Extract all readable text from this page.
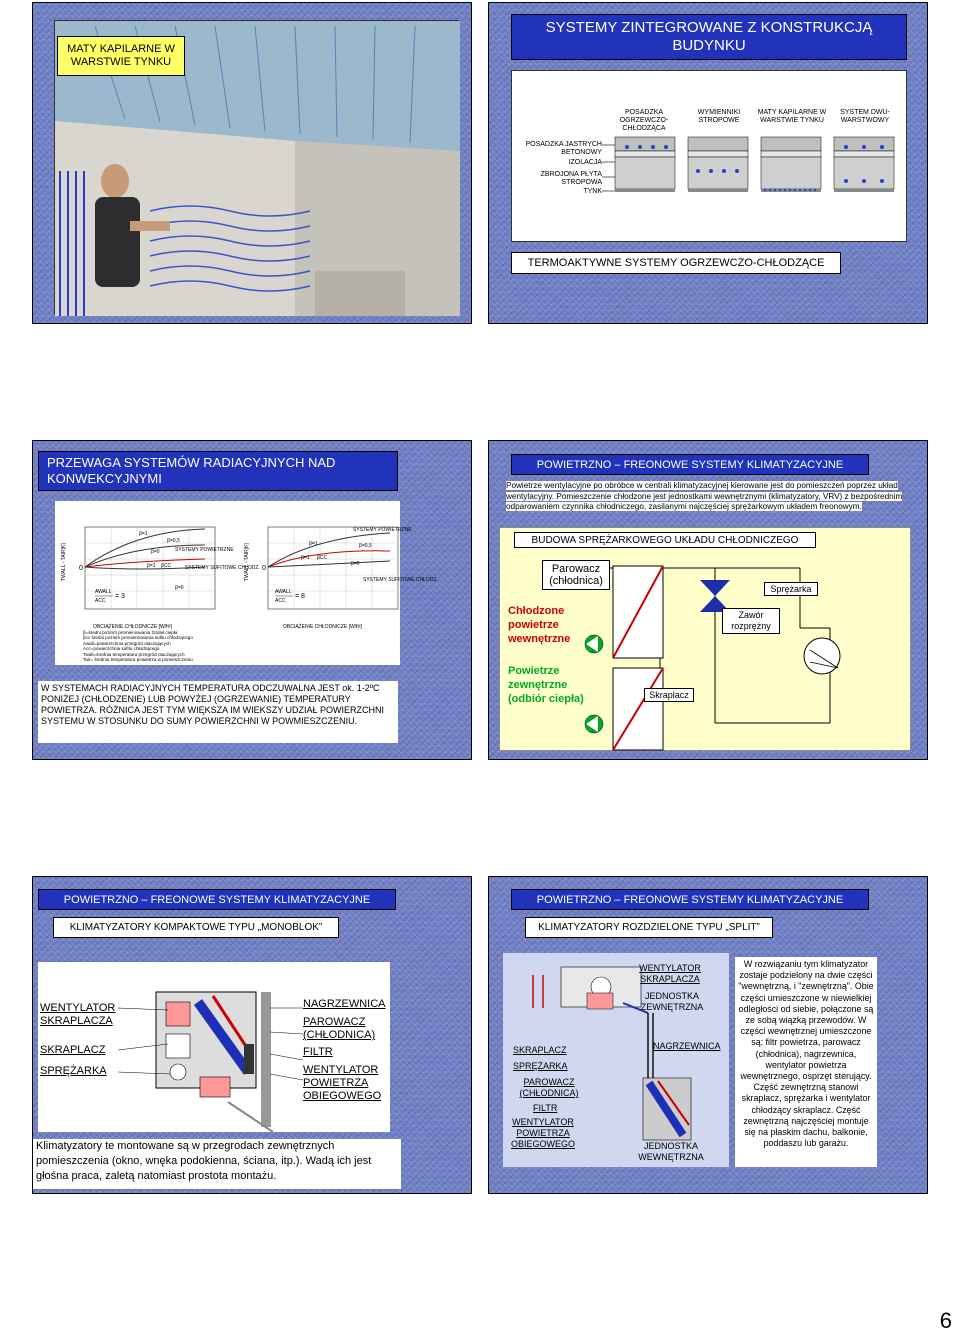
MATY KAPILARNE W WARSTWIE TYNKU
SYSTEMY ZINTEGROWANE Z KONSTRUKCJĄ BUDYNKU
POSADZKA OGRZEWCZO-CHŁODZĄCA
WYMIENNIKI STROPOWE
MATY KAPILARNE W WARSTWIE TYNKU
SYSTEM DWU-WARSTWOWY
POSADZKA JASTRYCH BETONOWY
IZOLACJA
ZBROJONA PŁYTA STROPOWA
TYNK
TERMOAKTYWNE SYSTEMY OGRZEWCZO-CHŁODZĄCE
PRZEWAGA SYSTEMÓW RADIACYJNYCH NAD KONWEKCYJNYMI
TWALL - TAIR[K] 0
OBCIĄŻENIE CHŁODNICZE [W/ft²]
β=1
β=0,5
β=0
β=1 βCC
β=0
SYSTEMY POWIETRZNE
SYSTEMY SUFITOWE CHŁODZ.
AWALL
ACC
= 3
TWALL - TAIR[K] 0
OBCIĄŻENIE CHŁODNICZE [W/ft²]
β=1
β=1 βCC
β=0,5
β=0
SYSTEMY POWIETRZNE
SYSTEMY SUFITOWE CHŁODZ.
AWALL
ACC
= 8
β=średni poziom promieniowania źródeł ciepła
βcc średni poziom promieniowania sufitu chłodzącego
Awall=powierzchnia przegród otaczających
Acc=powierzchnia sufitu chłodzącego
Twall=średnia temperatura przegród otaczających
Tair= średnia temperatura powietrza w pomieszczeniu
W SYSTEMACH RADIACYJNYCH TEMPERATURA ODCZUWALNA JEST ok. 1-2ºC PONIŻEJ (CHŁODZENIE) LUB POWYŻEJ (OGRZEWANIE) TEMPERATURY POWIETRZA. RÓŻNICA JEST TYM WIĘKSZA IM WIEKSZY UDZIAŁ POWIERZCHNI SYSTEMU W STOSUNKU DO SUMY POWIERZCHNI W POWMIESZCZENIU.
POWIETRZNO – FREONOWE SYSTEMY KLIMATYZACYJNE
Powietrze wentylacyjne po obróbce w centrali klimatyzacyjnej kierowane jest do pomieszczeń poprzez układ wentylacyjny. Pomieszczenie chłodzone jest jednostkami wewnętrznymi (klimatyzatory, VRV) z bezpośrednim odparowaniem czynnika chłodniczego, zasilanymi najczęściej sprężarkowym układem freonowym.
BUDOWA SPRĘŻARKOWEGO UKŁADU CHŁODNICZEGO
Parowacz (chłodnica)
Chłodzone powietrze wewnętrzne
Powietrze zewnętrzne (odbiór ciepła)
Zawór rozprężny
Sprężarka
Skraplacz
POWIETRZNO – FREONOWE SYSTEMY KLIMATYZACYJNE
KLIMATYZATORY KOMPAKTOWE TYPU „MONOBLOK”
WENTYLATOR SKRAPLACZA
SKRAPLACZ
SPRĘŻARKA
NAGRZEWNICA
PAROWACZ (CHŁODNICA)
FILTR
WENTYLATOR POWIETRZA OBIEGOWEGO
Klimatyzatory te montowane są w przegrodach zewnętrznych pomieszczenia (okno, wnęka podokienna, ściana, itp.). Wadą ich jest głośna praca, zaletą natomiast prostota montażu.
POWIETRZNO – FREONOWE SYSTEMY KLIMATYZACYJNE
KLIMATYZATORY ROZDZIELONE TYPU „SPLIT”
WENTYLATOR SKRAPLACZA
JEDNOSTKA ZEWNĘTRZNA
NAGRZEWNICA
SKRAPLACZ
SPRĘŻARKA
PAROWACZ (CHŁODNICA)
FILTR
WENTYLATOR POWIETRZA OBIEGOWEGO	JEDNOSTKA WEWNĘTRZNA
W rozwiązaniu tym klimatyzator zostaje podzielony na dwie części "wewnętrzną, i "zewnętrzną". Obie części umieszczone w niewielkiej odległości od siebie, połączone są ze sobą wiązką przewodów. W części wewnętrznej umieszczone są: filtr powietrza, parowacz (chłodnica), nagrzewnica, wentylator powietrza wewnętrznego, osprzęt sterujący. Część zewnętrzną stanowi skraplacz, sprężarka i wentylator chłodzący skraplacz. Część zewnętrzną najczęściej montuje się na płaskim dachu, balkonie, poddaszu lub garażu.
6
